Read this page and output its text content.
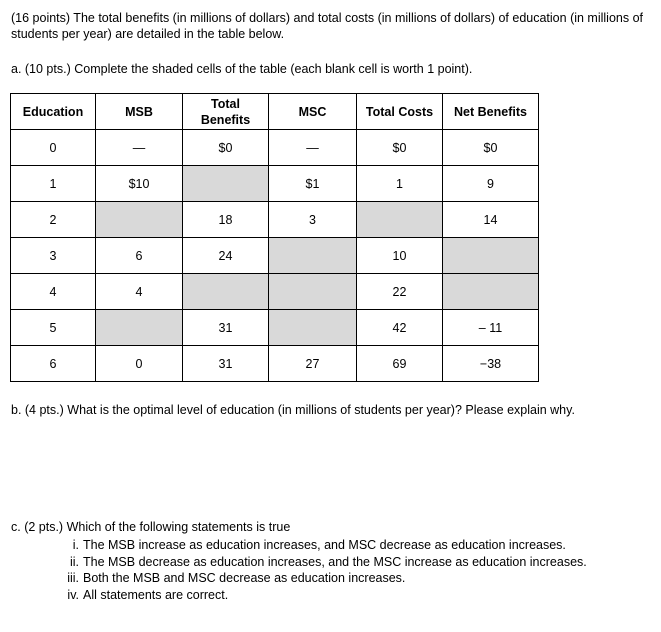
(16 points) The total benefits (in millions of dollars) and total costs (in millions of dollars) of education (in millions of students per year) are detailed in the table below.
a. (10 pts.) Complete the shaded cells of the table (each blank cell is worth 1 point).
Education	MSB	Total Benefits	MSC	Total Costs	Net Benefits
0	—	$0	—	$0	$0
1	$10		$1	1	9
2		18	3		14
3	6	24		10	
4	4			22	
5		31		42	– 11
6	0	31	27	69	−38
b. (4 pts.) What is the optimal level of education (in millions of students per year)? Please explain why.
c. (2 pts.) Which of the following statements is true
i. The MSB increase as education increases, and MSC decrease as education increases.
ii. The MSB decrease as education increases, and the MSC increase as education increases.
iii. Both the MSB and MSC decrease as education increases.
iv. All statements are correct.
